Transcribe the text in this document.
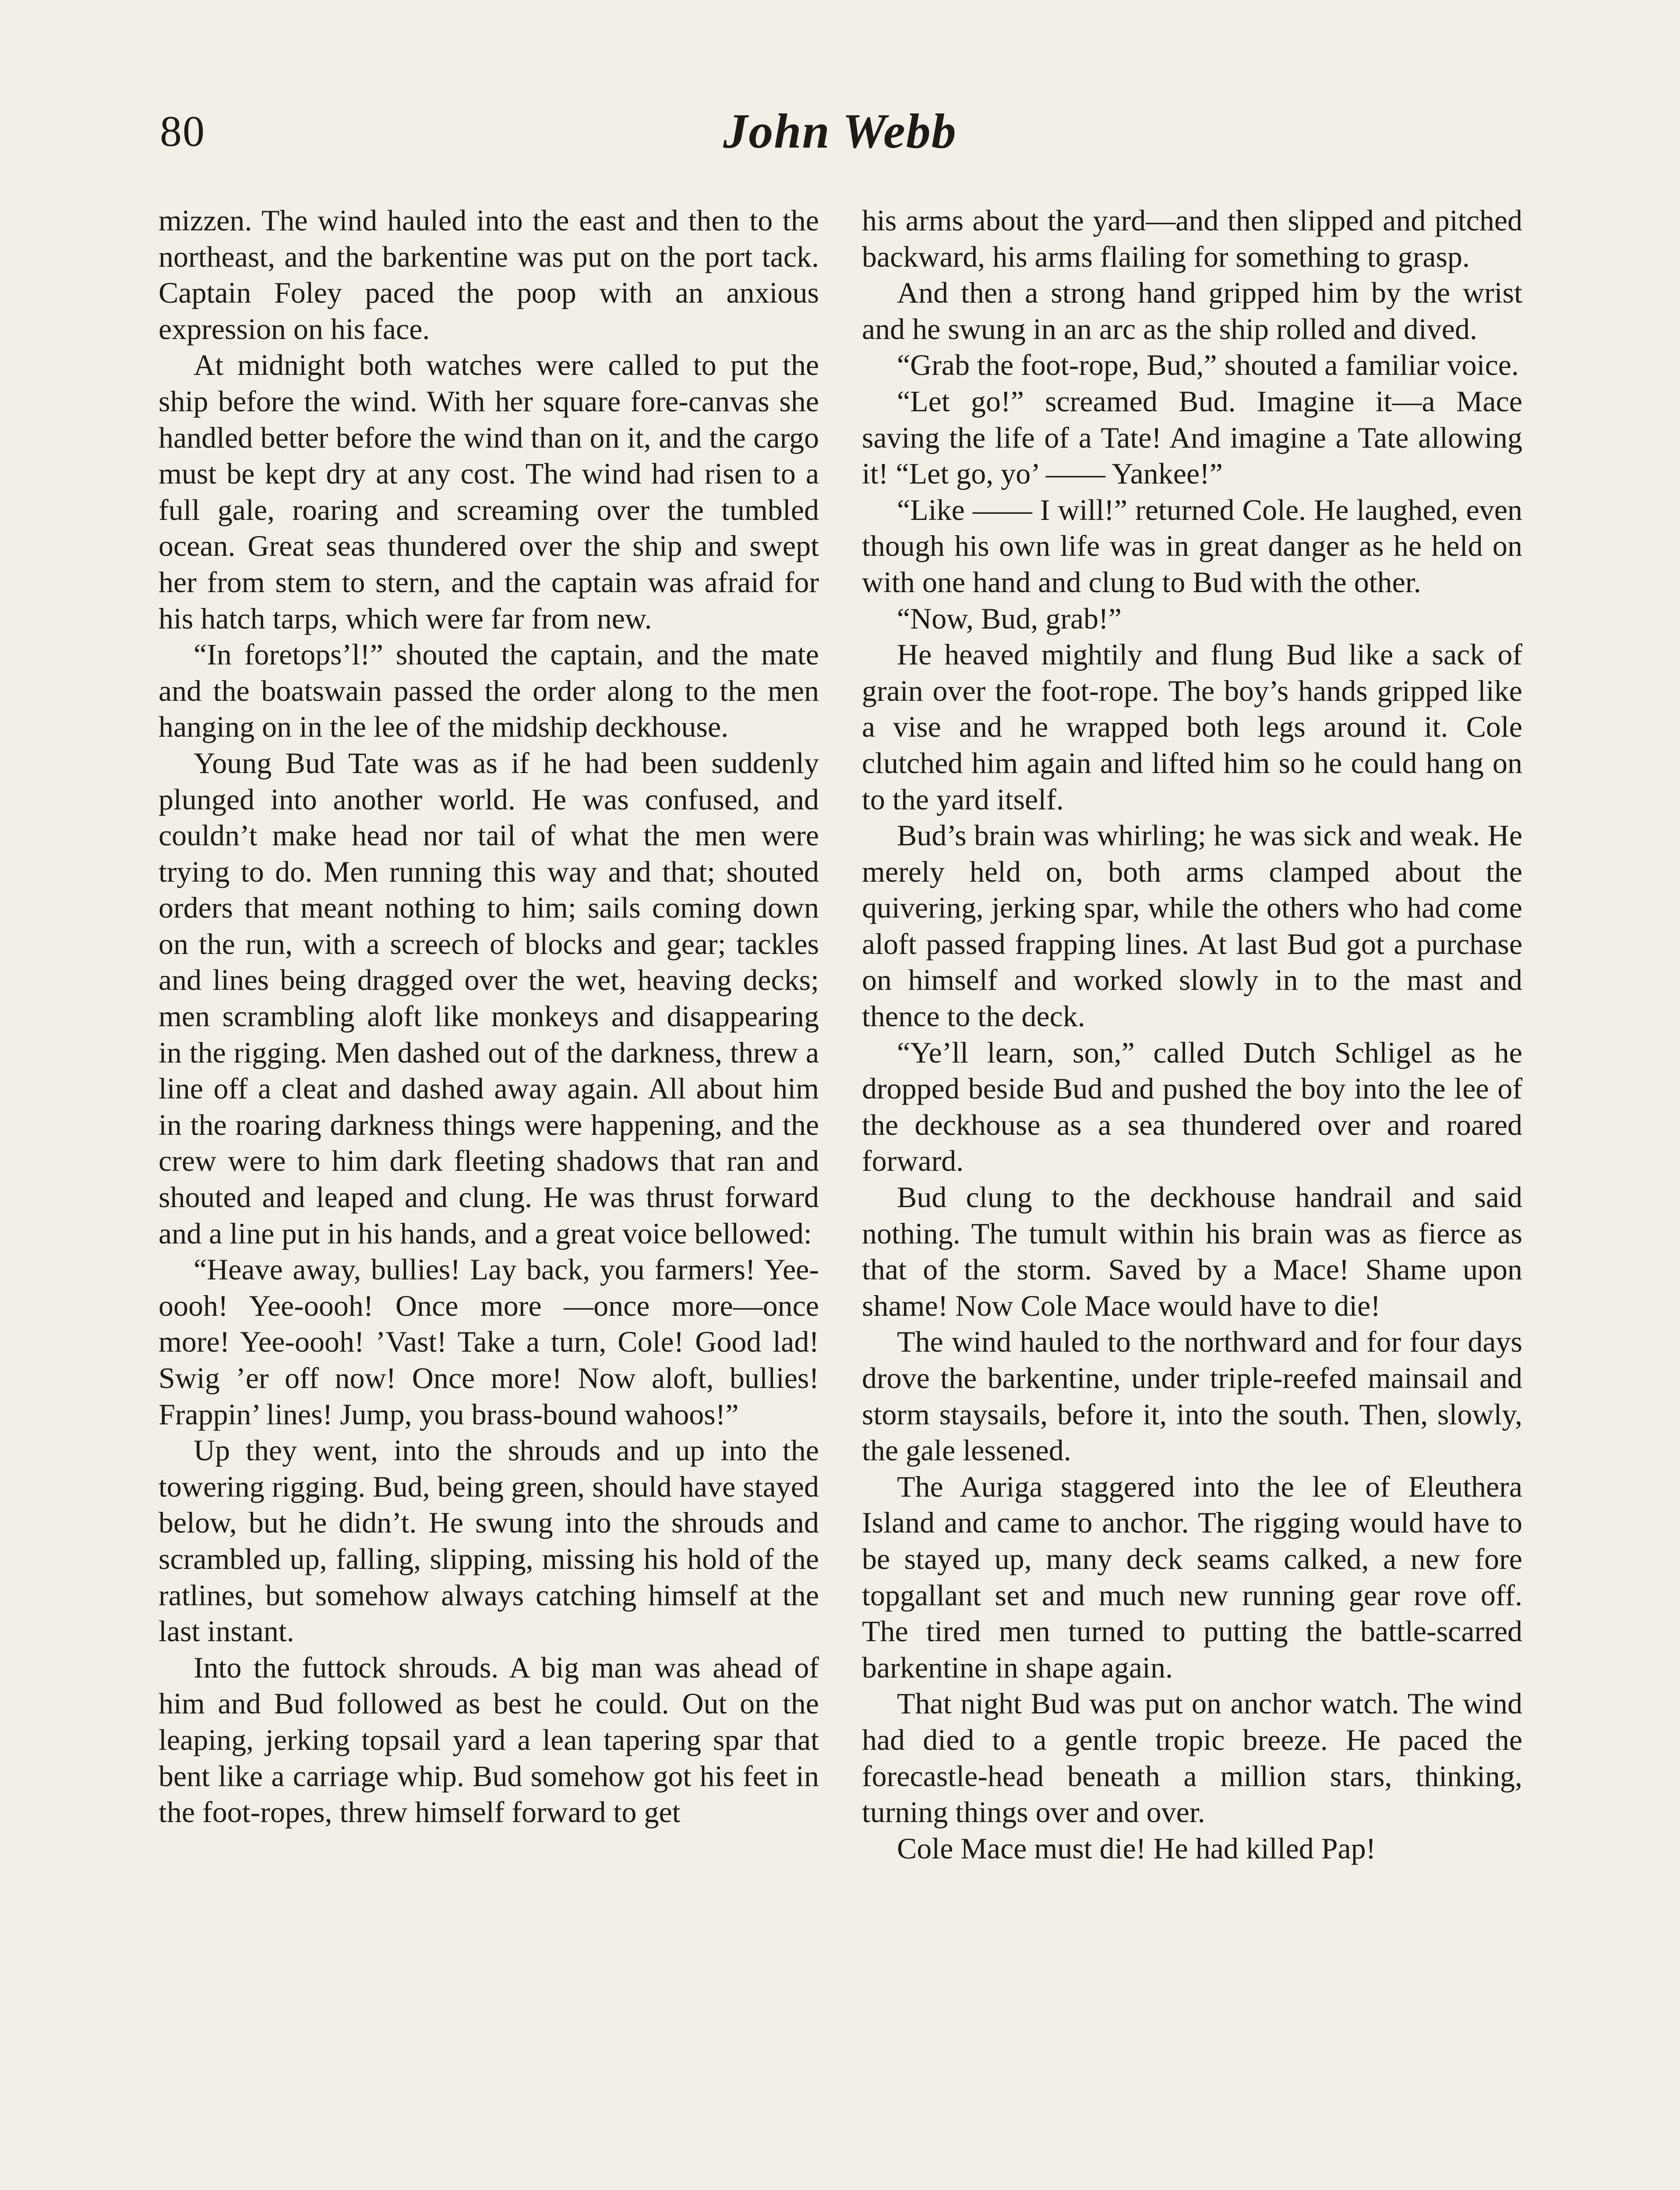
80	John Webb

mizzen. The wind hauled into the east and then to the northeast, and the barkentine was put on the port tack. Captain Foley paced the poop with an anxious expression on his face.

At midnight both watches were called to put the ship before the wind. With her square fore-canvas she handled better before the wind than on it, and the cargo must be kept dry at any cost. The wind had risen to a full gale, roaring and screaming over the tumbled ocean. Great seas thundered over the ship and swept her from stem to stern, and the captain was afraid for his hatch tarps, which were far from new.

“In foretops’l!” shouted the captain, and the mate and the boatswain passed the order along to the men hanging on in the lee of the midship deckhouse.

Young Bud Tate was as if he had been suddenly plunged into another world. He was confused, and couldn’t make head nor tail of what the men were trying to do. Men running this way and that; shouted orders that meant nothing to him; sails coming down on the run, with a screech of blocks and gear; tackles and lines being dragged over the wet, heaving decks; men scrambling aloft like monkeys and disappearing in the rigging. Men dashed out of the darkness, threw a line off a cleat and dashed away again. All about him in the roaring darkness things were happening, and the crew were to him dark fleeting shadows that ran and shouted and leaped and clung. He was thrust forward and a line put in his hands, and a great voice bellowed:

“Heave away, bullies! Lay back, you farmers! Yee-oooh! Yee-oooh! Once more —once more—once more! Yee-oooh! ’Vast! Take a turn, Cole! Good lad! Swig ’er off now! Once more! Now aloft, bullies! Frappin’ lines! Jump, you brass-bound wahoos!”

Up they went, into the shrouds and up into the towering rigging. Bud, being green, should have stayed below, but he didn’t. He swung into the shrouds and scrambled up, falling, slipping, missing his hold of the ratlines, but somehow always catching himself at the last instant.

Into the futtock shrouds. A big man was ahead of him and Bud followed as best he could. Out on the leaping, jerking topsail yard a lean tapering spar that bent like a carriage whip. Bud somehow got his feet in the foot-ropes, threw himself forward to get

his arms about the yard—and then slipped and pitched backward, his arms flailing for something to grasp.

And then a strong hand gripped him by the wrist and he swung in an arc as the ship rolled and dived.

“Grab the foot-rope, Bud,” shouted a familiar voice.

“Let go!” screamed Bud. Imagine it—a Mace saving the life of a Tate! And imagine a Tate allowing it! “Let go, yo’ —— Yankee!”

“Like —— I will!” returned Cole. He laughed, even though his own life was in great danger as he held on with one hand and clung to Bud with the other.

“Now, Bud, grab!”

He heaved mightily and flung Bud like a sack of grain over the foot-rope. The boy’s hands gripped like a vise and he wrapped both legs around it. Cole clutched him again and lifted him so he could hang on to the yard itself.

Bud’s brain was whirling; he was sick and weak. He merely held on, both arms clamped about the quivering, jerking spar, while the others who had come aloft passed frapping lines. At last Bud got a purchase on himself and worked slowly in to the mast and thence to the deck.

“Ye’ll learn, son,” called Dutch Schligel as he dropped beside Bud and pushed the boy into the lee of the deckhouse as a sea thundered over and roared forward.

Bud clung to the deckhouse handrail and said nothing. The tumult within his brain was as fierce as that of the storm. Saved by a Mace! Shame upon shame! Now Cole Mace would have to die!

The wind hauled to the northward and for four days drove the barkentine, under triple-reefed mainsail and storm staysails, before it, into the south. Then, slowly, the gale lessened.

The Auriga staggered into the lee of Eleuthera Island and came to anchor. The rigging would have to be stayed up, many deck seams calked, a new fore topgallant set and much new running gear rove off. The tired men turned to putting the battle-scarred barkentine in shape again.

That night Bud was put on anchor watch. The wind had died to a gentle tropic breeze. He paced the forecastle-head beneath a million stars, thinking, turning things over and over.

Cole Mace must die! He had killed Pap!
